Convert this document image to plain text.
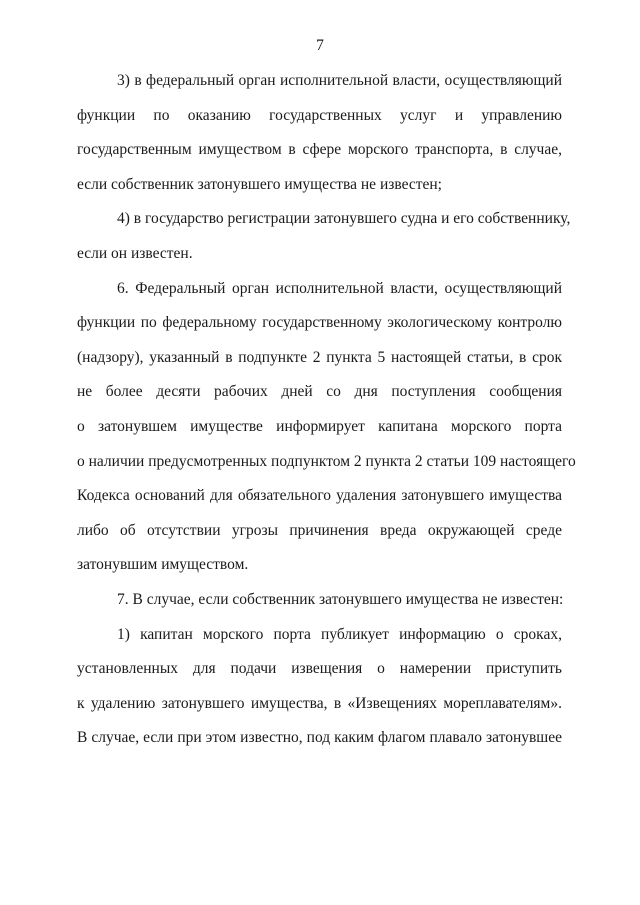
7
3) в федеральный орган исполнительной власти, осуществляющий
функции по оказанию государственных услуг и управлению
государственным имуществом в сфере морского транспорта, в случае,
если собственник затонувшего имущества не известен;
4) в государство регистрации затонувшего судна и его собственнику,
если он известен.
6. Федеральный орган исполнительной власти, осуществляющий
функции по федеральному государственному экологическому контролю
(надзору), указанный в подпункте 2 пункта 5 настоящей статьи, в срок
не более десяти рабочих дней со дня поступления сообщения
о затонувшем имуществе информирует капитана морского порта
о наличии предусмотренных подпунктом 2 пункта 2 статьи 109 настоящего
Кодекса оснований для обязательного удаления затонувшего имущества
либо об отсутствии угрозы причинения вреда окружающей среде
затонувшим имуществом.
7. В случае, если собственник затонувшего имущества не известен:
1) капитан морского порта публикует информацию о сроках,
установленных для подачи извещения о намерении приступить
к удалению затонувшего имущества, в «Извещениях мореплавателям».
В случае, если при этом известно, под каким флагом плавало затонувшее
